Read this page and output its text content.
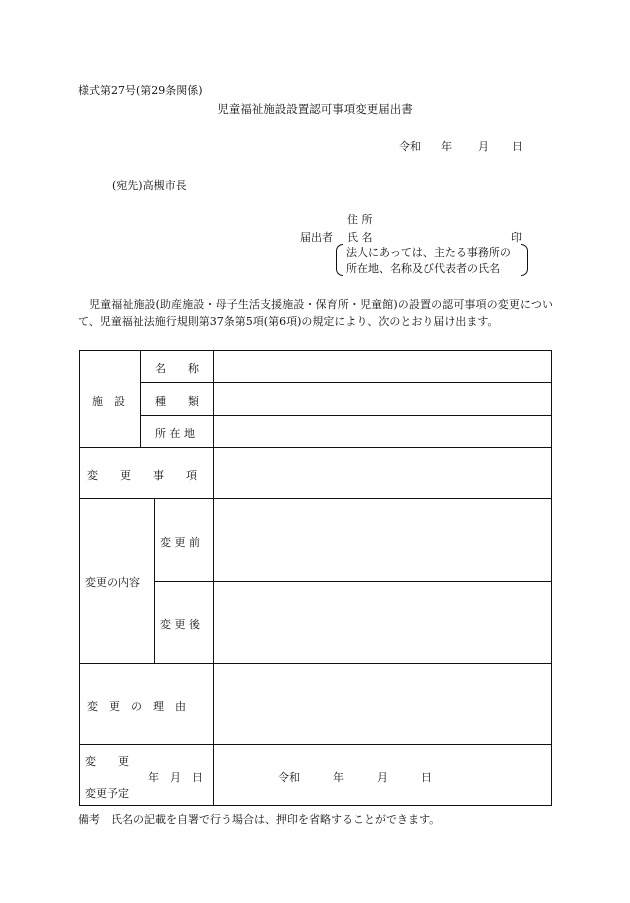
様式第27号(第29条関係)
児童福祉施設設置認可事項変更届出書
令和 年 月 日
(宛先)高槻市長
住 所
届出者 氏 名	印
法人にあっては、主たる事務所の
所在地、名称及び代表者の氏名
児童福祉施設(助産施設・母子生活支援施設・保育所・児童館)の設置の認可事項の変更について、児童福祉法施行規則第37条第5項(第6項)の規定により、次のとおり届け出ます。
施　設
名　　称
種　　類
所 在 地
変　　更　　事　　項
変更の内容
変 更 前
変 更 後
変　更　の　理　由
変　　更
年　月　日
変更予定
令和　　　年　　　月　　　日
備考　氏名の記載を自署で行う場合は、押印を省略することができます。
